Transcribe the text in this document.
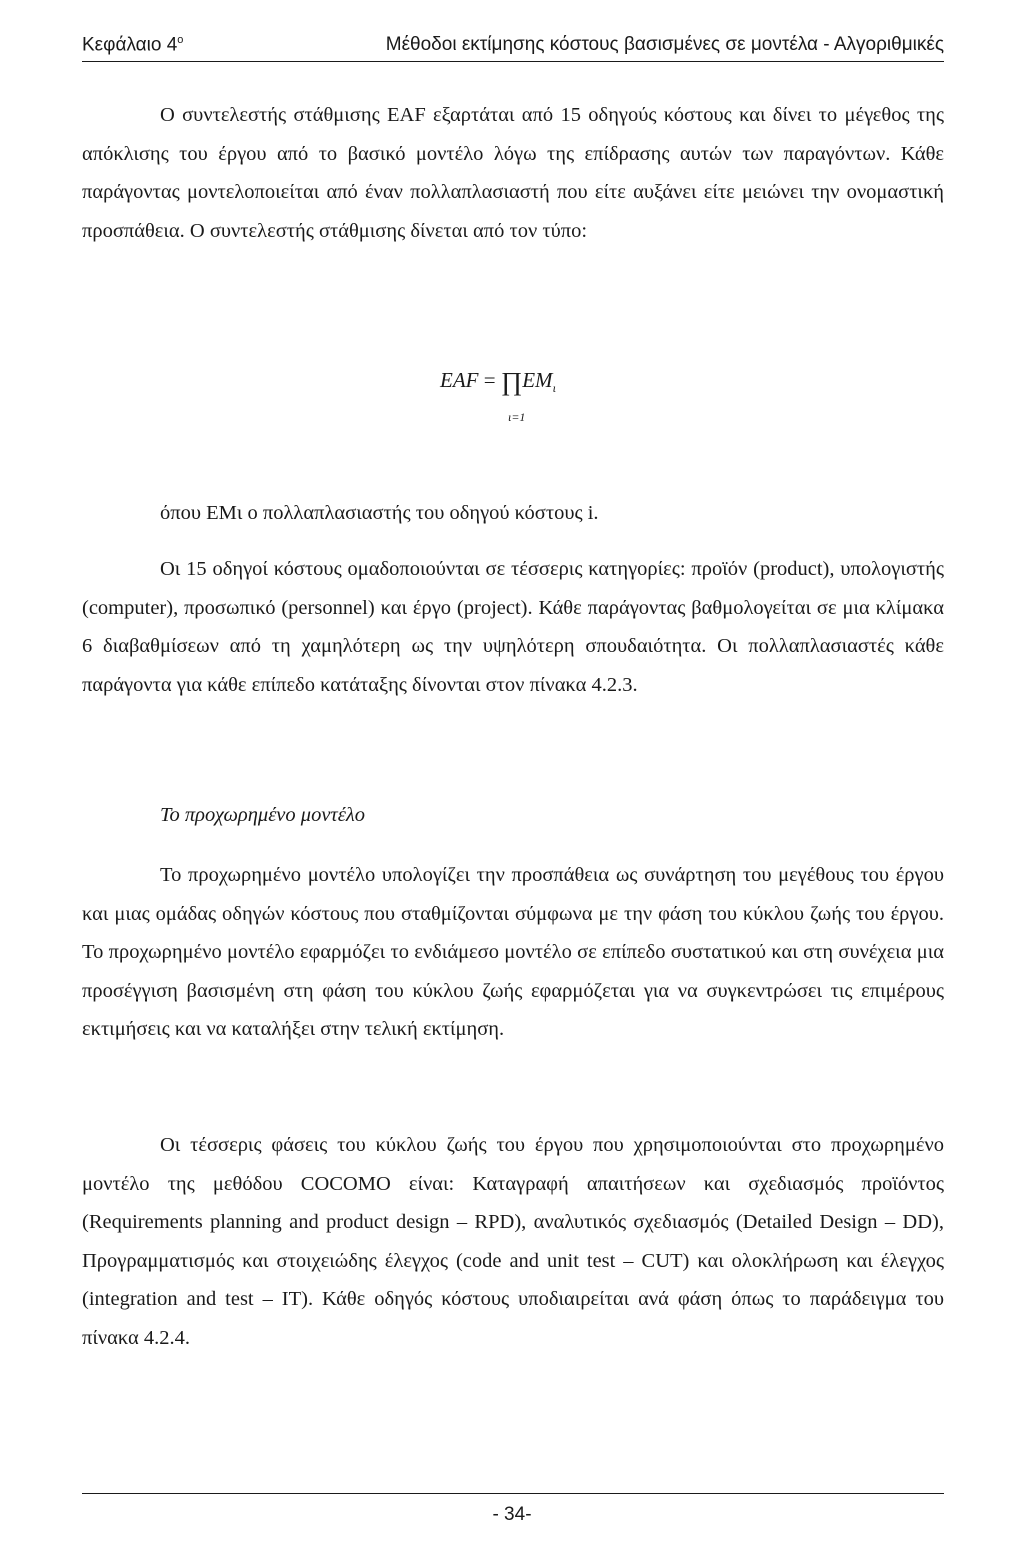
Κεφάλαιο $4^o$	Μέθοδοι εκτίμησης κόστους βασισμένες σε μοντέλα - Αλγοριθμικές

Ο συντελεστής στάθμισης EAF εξαρτάται από 15 οδηγούς κόστους και δίνει το μέγεθος της απόκλισης του έργου από το βασικό μοντέλο λόγω της επίδρασης αυτών των παραγόντων. Κάθε παράγοντας μοντελοποιείται από έναν πολλαπλασιαστή που είτε αυξάνει είτε μειώνει την ονομαστική προσπάθεια. Ο συντελεστής στάθμισης δίνεται από τον τύπο:

EAF = $\prod EM_\iota$
ι=1

όπου EMι ο πολλαπλασιαστής του οδηγού κόστους i.

Οι 15 οδηγοί κόστους ομαδοποιούνται σε τέσσερις κατηγορίες: προϊόν (product), υπολογιστής (computer), προσωπικό (personnel) και έργο (project). Κάθε παράγοντας βαθμολογείται σε μια κλίμακα 6 διαβαθμίσεων από τη χαμηλότερη ως την υψηλότερη σπουδαιότητα. Οι πολλαπλασιαστές κάθε παράγοντα για κάθε επίπεδο κατάταξης δίνονται στον πίνακα 4.2.3.

Το προχωρημένο μοντέλο

Το προχωρημένο μοντέλο υπολογίζει την προσπάθεια ως συνάρτηση του μεγέθους του έργου και μιας ομάδας οδηγών κόστους που σταθμίζονται σύμφωνα με την φάση του κύκλου ζωής του έργου. Το προχωρημένο μοντέλο εφαρμόζει το ενδιάμεσο μοντέλο σε επίπεδο συστατικού και στη συνέχεια μια προσέγγιση βασισμένη στη φάση του κύκλου ζωής εφαρμόζεται για να συγκεντρώσει τις επιμέρους εκτιμήσεις και να καταλήξει στην τελική εκτίμηση.

Οι τέσσερις φάσεις του κύκλου ζωής του έργου που χρησιμοποιούνται στο προχωρημένο μοντέλο της μεθόδου COCOMO είναι: Καταγραφή απαιτήσεων και σχεδιασμός προϊόντος (Requirements planning and product design – RPD), αναλυτικός σχεδιασμός (Detailed Design – DD), Προγραμματισμός και στοιχειώδης έλεγχος (code and unit test – CUT) και ολοκλήρωση και έλεγχος (integration and test – IT). Κάθε οδηγός κόστους υποδιαιρείται ανά φάση όπως το παράδειγμα του πίνακα 4.2.4.

- 34-
